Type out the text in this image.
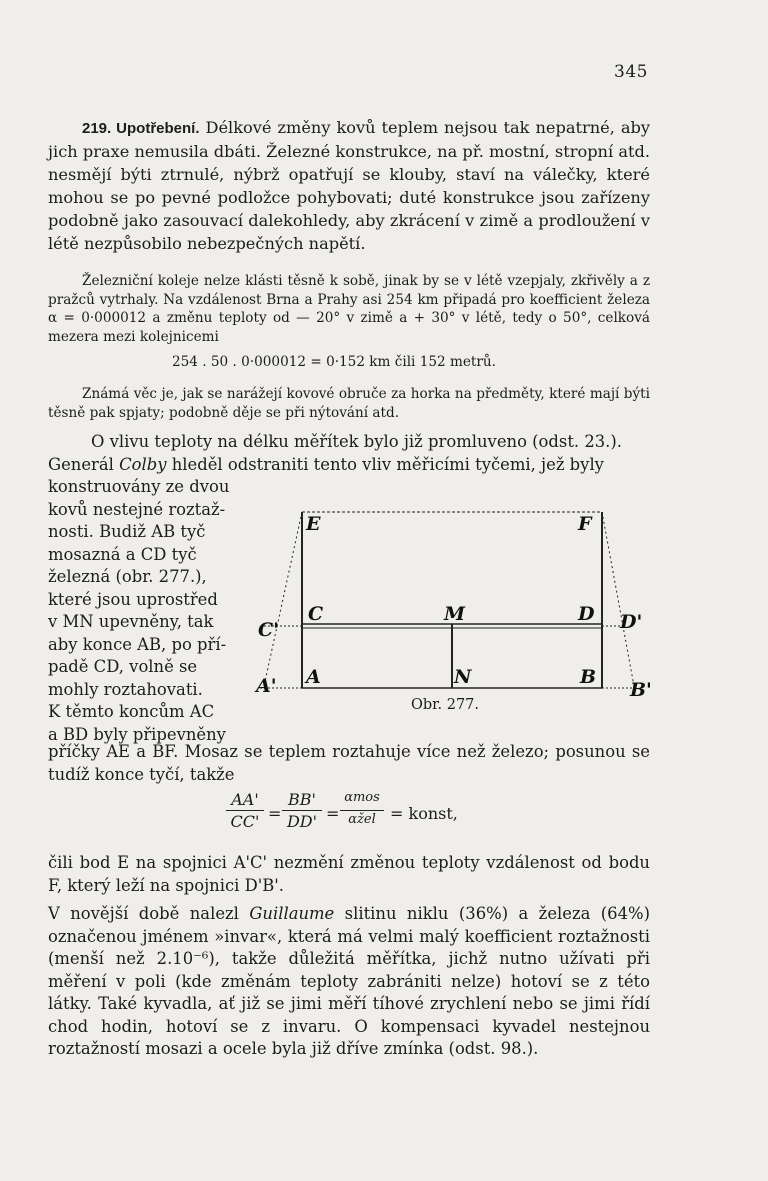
345
219. Upotřebení. Délkové změny kovů teplem nejsou tak nepatrné, aby jich praxe nemusila dbáti. Železné konstrukce, na př. mostní, stropní atd. nesmějí býti ztrnulé, nýbrž opatřují se klouby, staví na válečky, které mohou se po pevné podložce pohybovati; duté konstrukce jsou zařízeny podobně jako zasouvací dalekohledy, aby zkrácení v zimě a prodloužení v létě nezpůsobilo nebezpečných napětí.
Železniční koleje nelze klásti těsně k sobě, jinak by se v létě vzepjaly, zkřivěly a z pražců vytrhaly. Na vzdálenost Brna a Prahy asi 254 km připadá pro koefficient železa α = 0·000012 a změnu teploty od — 20° v zimě a + 30° v létě, tedy o 50°, celková mezera mezi kolejnicemi
254 . 50 . 0·000012 = 0·152 km čili 152 metrů.
Známá věc je, jak se narážejí kovové obruče za horka na předměty, které mají býti těsně pak spjaty; podobně děje se při nýtování atd.
O vlivu teploty na délku měřítek bylo již promluveno (odst. 23.).
Generál Colby hleděl odstraniti tento vliv měřicími tyčemi, jež byly
konstruovány ze dvou
kovů nestejné roztaž-
nosti. Budiž AB tyč
mosazná a CD tyč
železná (obr. 277.),
které jsou uprostřed
v MN upevněny, tak
aby konce AB, po pří-
padě CD, volně se
mohly roztahovati.
K těmto koncům AC
a BD byly připevněny
E	F
C	M	D
C'	D'
A	N	B
A'	B'
Obr. 277.
příčky AE a BF. Mosaz se teplem roztahuje více než železo; posunou se tudíž konce tyčí, takže
AA'
CC' =
BB'
DD' =
αmos
αžel = konst,
čili bod E na spojnici A'C' nezmění změnou teploty vzdálenost od bodu F, který leží na spojnici D'B'.
V novější době nalezl Guillaume slitinu niklu (36%) a železa (64%) označenou jménem »invar«, která má velmi malý koefficient roztažnosti (menší než 2.10⁻⁶), takže důležitá měřítka, jichž nutno užívati při měření v poli (kde změnám teploty zabrániti nelze) hotoví se z této látky. Také kyvadla, ať již se jimi měří tíhové zrychlení nebo se jimi řídí chod hodin, hotoví se z invaru. O kompensaci kyvadel nestejnou roztažností mosazi a ocele byla již dříve zmínka (odst. 98.).
